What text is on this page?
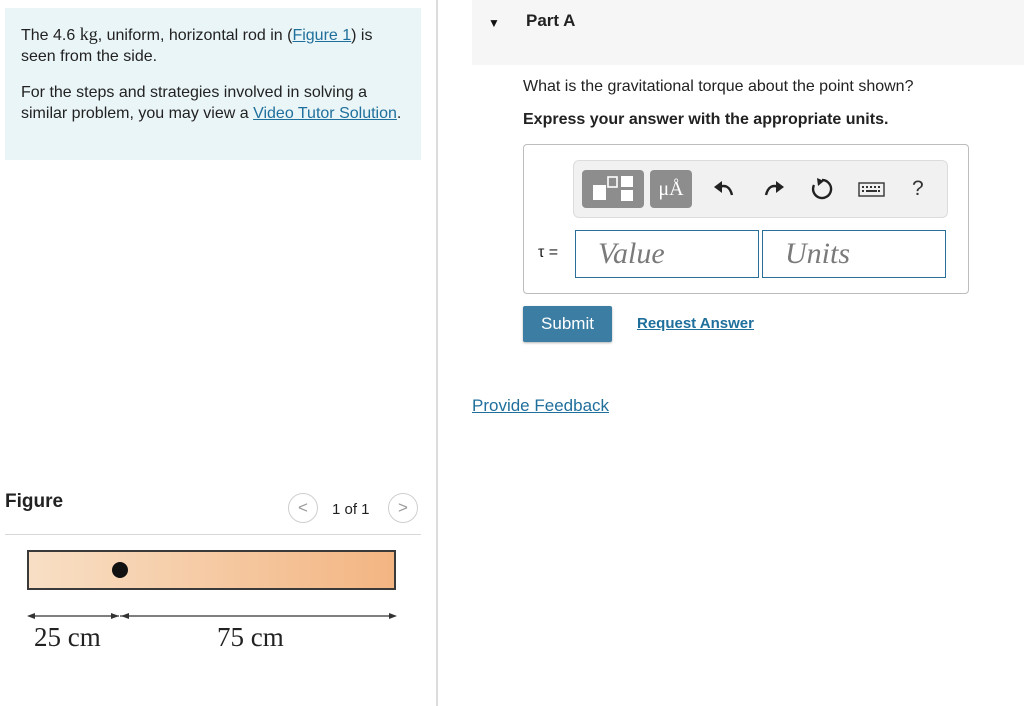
The 4.6 kg, uniform, horizontal rod in (Figure 1) is seen from the side.

For the steps and strategies involved in solving a similar problem, you may view a Video Tutor Solution.

Figure	<	1 of 1	>
25 cm	75 cm
▼ Part A
What is the gravitational torque about the point shown?
Express your answer with the appropriate units.
μÅ	?
τ =
Value
Units
Submit	Request Answer
Provide Feedback
